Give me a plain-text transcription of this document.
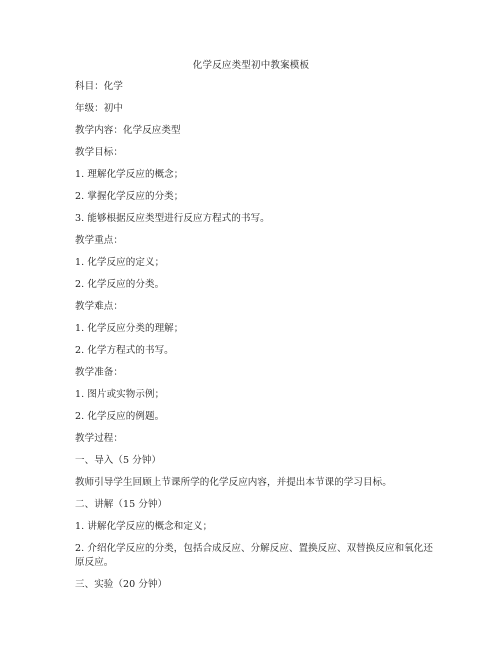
化学反应类型初中教案模板
科目：化学
年级：初中
教学内容：化学反应类型
教学目标：
1. 理解化学反应的概念；
2. 掌握化学反应的分类；
3. 能够根据反应类型进行反应方程式的书写。
教学重点：
1. 化学反应的定义；
2. 化学反应的分类。
教学难点：
1. 化学反应分类的理解；
2. 化学方程式的书写。
教学准备：
1. 图片或实物示例；
2. 化学反应的例题。
教学过程：
一、导入（5 分钟）
教师引导学生回顾上节课所学的化学反应内容，并提出本节课的学习目标。
二、讲解（15 分钟）
1. 讲解化学反应的概念和定义；
2. 介绍化学反应的分类，包括合成反应、分解反应、置换反应、双替换反应和氧化还原反应。
三、实验（20 分钟）
